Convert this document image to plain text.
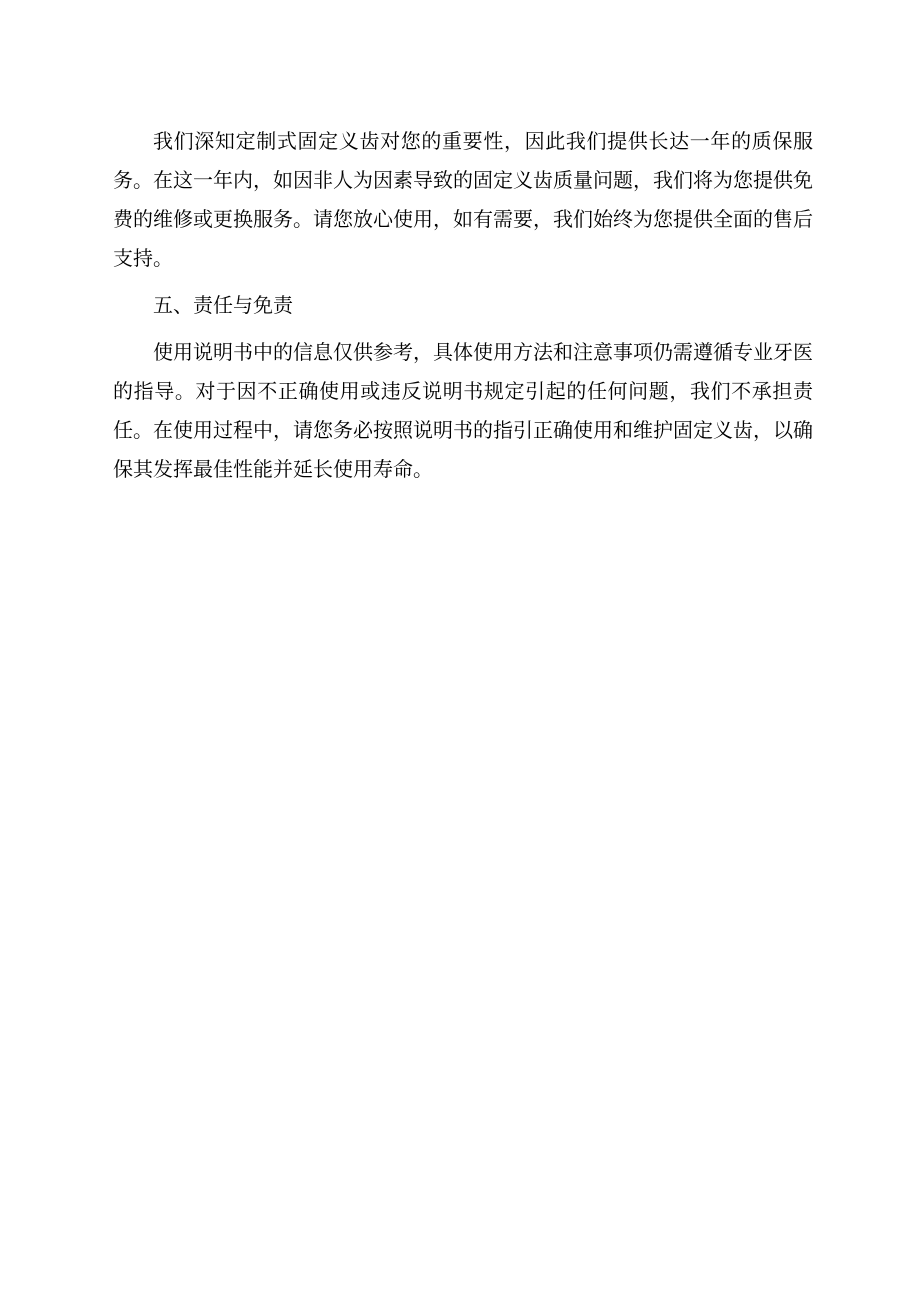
我们深知定制式固定义齿对您的重要性，因此我们提供长达一年的质保服务。在这一年内，如因非人为因素导致的固定义齿质量问题，我们将为您提供免费的维修或更换服务。请您放心使用，如有需要，我们始终为您提供全面的售后支持。

五、责任与免责

使用说明书中的信息仅供参考，具体使用方法和注意事项仍需遵循专业牙医的指导。对于因不正确使用或违反说明书规定引起的任何问题，我们不承担责任。在使用过程中，请您务必按照说明书的指引正确使用和维护固定义齿，以确保其发挥最佳性能并延长使用寿命。
